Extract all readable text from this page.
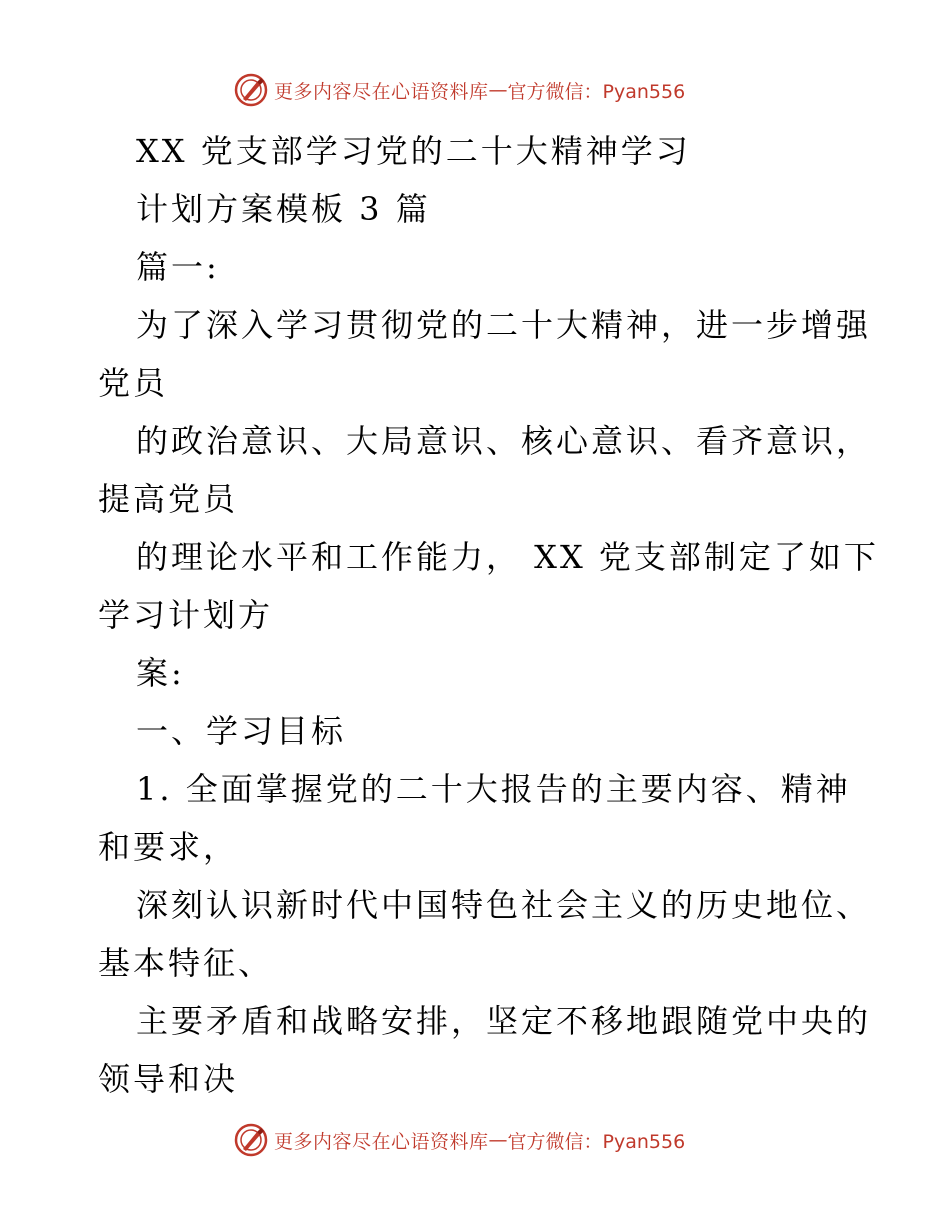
更多内容尽在心语资料库 — 官方微信：Pyan556
XX 党支部学习党的二十大精神学习
计划方案模板 3 篇
篇一:
为了深入学习贯彻党的二十大精神，进一步增强
党员
的政治意识、大局意识、核心意识、看齐意识，
提高党员
的理论水平和工作能力， XX 党支部制定了如下
学习计划方
案:
一、学习目标
1. 全面掌握党的二十大报告的主要内容、精神
和要求，
深刻认识新时代中国特色社会主义的历史地位、
基本特征、
主要矛盾和战略安排，坚定不移地跟随党中央的
领导和决
更多内容尽在心语资料库 — 官方微信：Pyan556
